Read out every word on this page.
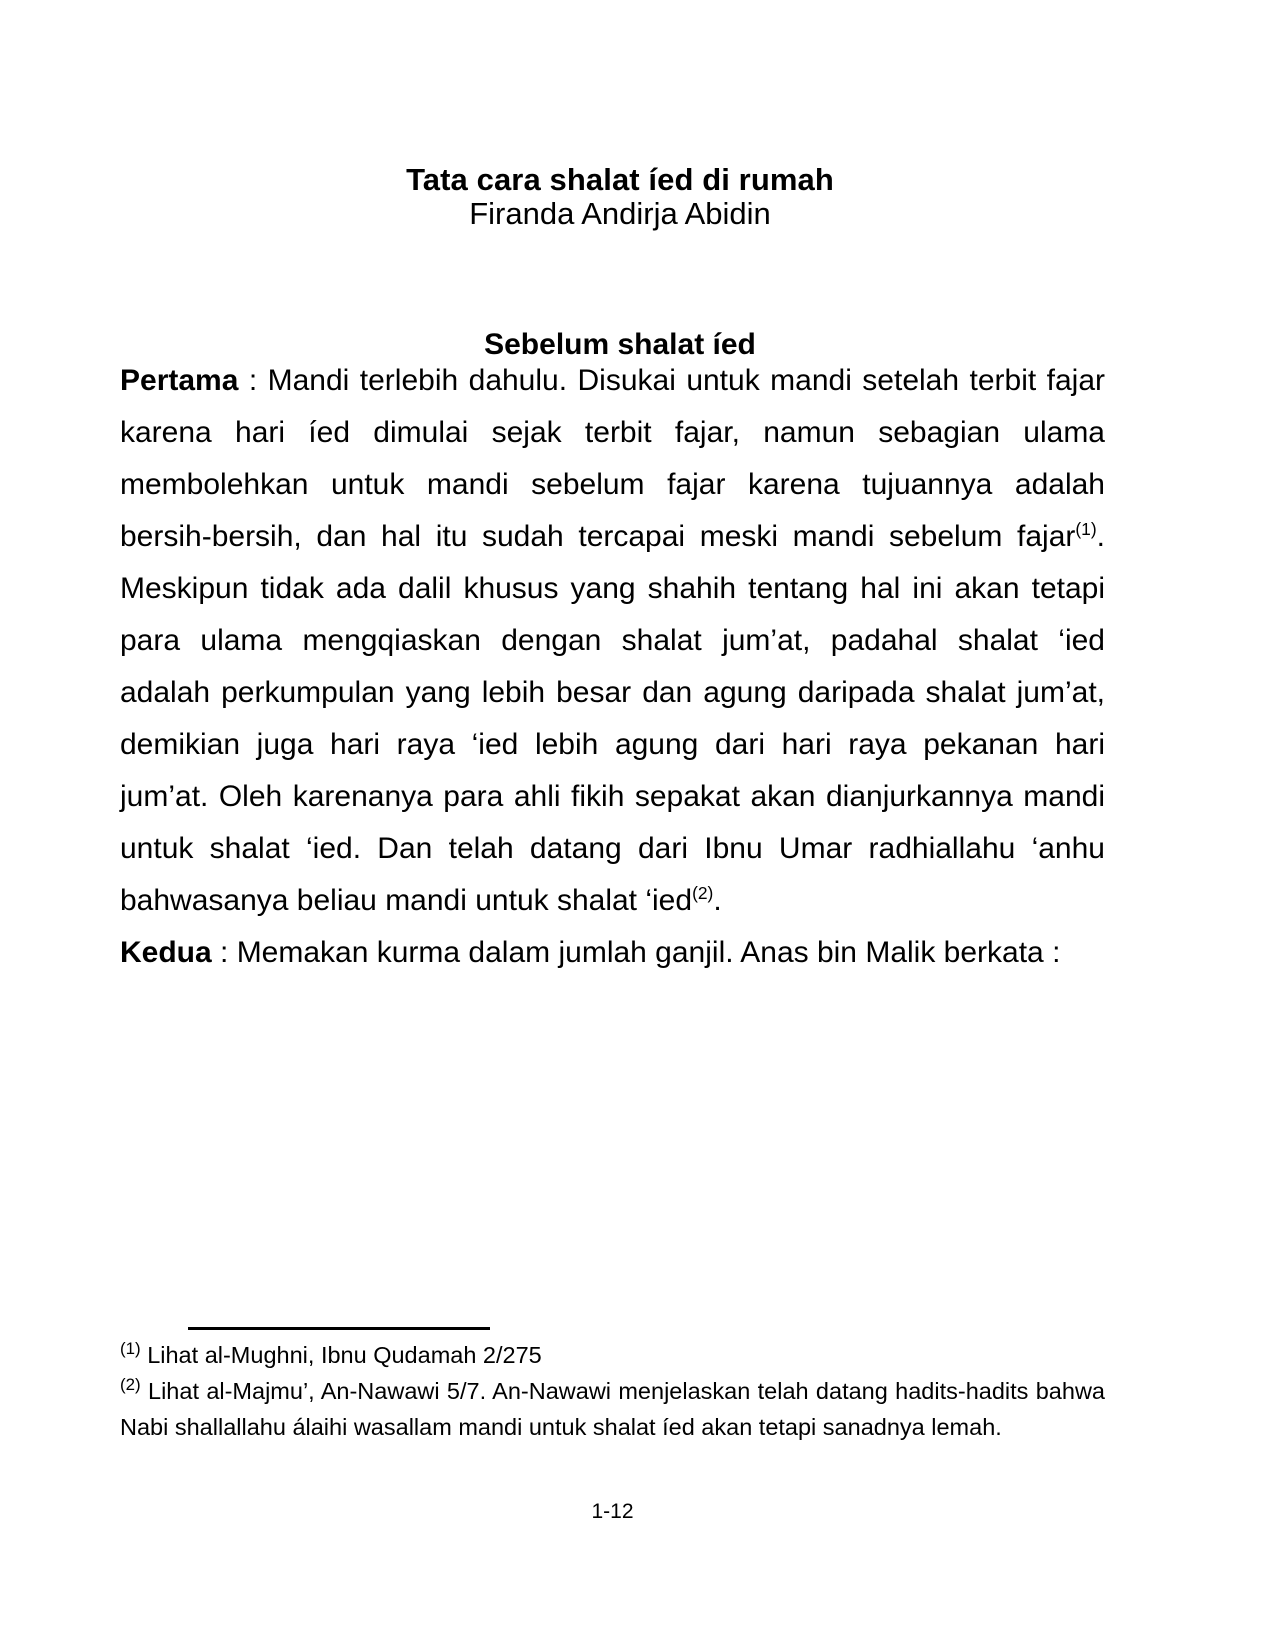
Tata cara shalat íed di rumah
Firanda Andirja Abidin
Sebelum shalat íed

Pertama : Mandi terlebih dahulu. Disukai untuk mandi setelah terbit fajar karena hari íed dimulai sejak terbit fajar, namun sebagian ulama membolehkan untuk mandi sebelum fajar karena tujuannya adalah bersih-bersih, dan hal itu sudah tercapai meski mandi sebelum fajar$^{(1)}$. Meskipun tidak ada dalil khusus yang shahih tentang hal ini akan tetapi para ulama mengqiaskan dengan shalat jum’at, padahal shalat ‘ied adalah perkumpulan yang lebih besar dan agung daripada shalat jum’at, demikian juga hari raya ‘ied lebih agung dari hari raya pekanan hari jum’at. Oleh karenanya para ahli fikih sepakat akan dianjurkannya mandi untuk shalat ‘ied. Dan telah datang dari Ibnu Umar radhiallahu ‘anhu bahwasanya beliau mandi untuk shalat ‘ied$^{(2)}$.

Kedua : Memakan kurma dalam jumlah ganjil. Anas bin Malik berkata :

$^{(1)}$ Lihat al-Mughni, Ibnu Qudamah 2/275

$^{(2)}$ Lihat al-Majmu’, An-Nawawi 5/7. An-Nawawi menjelaskan telah datang hadits-hadits bahwa Nabi shallallahu álaihi wasallam mandi untuk shalat íed akan tetapi sanadnya lemah.

1-12
